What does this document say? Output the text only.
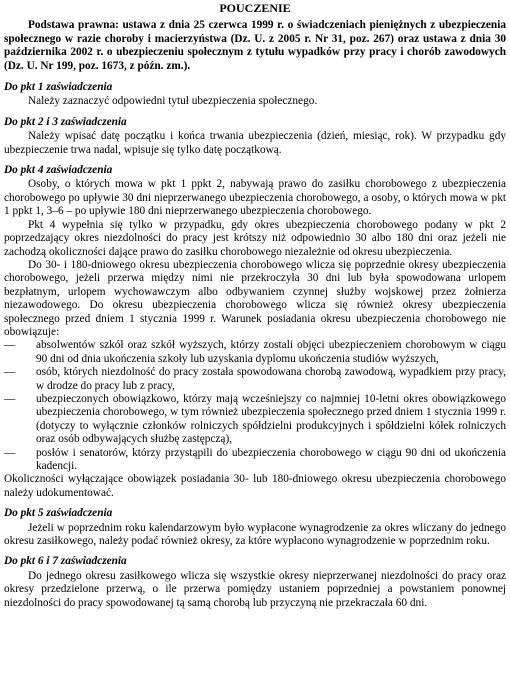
POUCZENIE

Podstawa prawna: ustawa z dnia 25 czerwca 1999 r. o świadczeniach pieniężnych z ubezpieczenia społecznego w razie choroby i macierzyństwa (Dz. U. z 2005 r. Nr 31, poz. 267) oraz ustawa z dnia 30 października 2002 r. o ubezpieczeniu społecznym z tytułu wypadków przy pracy i chorób zawodowych (Dz. U. Nr 199, poz. 1673, z późn. zm.).

Do pkt 1 zaświadczenia

Należy zaznaczyć odpowiedni tytuł ubezpieczenia społecznego.

Do pkt 2 i 3 zaświadczenia

Należy wpisać datę początku i końca trwania ubezpieczenia (dzień, miesiąc, rok). W przypadku gdy ubezpieczenie trwa nadal, wpisuje się tylko datę początkową.

Do pkt 4 zaświadczenia

Osoby, o których mowa w pkt 1 ppkt 2, nabywają prawo do zasiłku chorobowego z ubezpieczenia chorobowego po upływie 30 dni nieprzerwanego ubezpieczenia chorobowego, a osoby, o których mowa w pkt 1 ppkt 1, 3–6 – po upływie 180 dni nieprzerwanego ubezpieczenia chorobowego.

Pkt 4 wypełnia się tylko w przypadku, gdy okres ubezpieczenia chorobowego podany w pkt 2 poprzedzający okres niezdolności do pracy jest krótszy niż odpowiednio 30 albo 180 dni oraz jeżeli nie zachodzą okoliczności dające prawo do zasiłku chorobowego niezależnie od okresu ubezpieczenia.

Do 30- i 180-dniowego okresu ubezpieczenia chorobowego wlicza się poprzednie okresy ubezpieczenia chorobowego, jeżeli przerwa między nimi nie przekroczyła 30 dni lub była spowodowana urlopem bezpłatnym, urlopem wychowawczym albo odbywaniem czynnej służby wojskowej przez żołnierza niezawodowego. Do okresu ubezpieczenia chorobowego wlicza się również okresy ubezpieczenia społecznego przed dniem 1 stycznia 1999 r. Warunek posiadania okresu ubezpieczenia chorobowego nie obowiązuje:

— absolwentów szkół oraz szkół wyższych, którzy zostali objęci ubezpieczeniem chorobowym w ciągu 90 dni od dnia ukończenia szkoły lub uzyskania dyplomu ukończenia studiów wyższych,
— osób, których niezdolność do pracy została spowodowana chorobą zawodową, wypadkiem przy pracy, w drodze do pracy lub z pracy,
— ubezpieczonych obowiązkowo, którzy mają wcześniejszy co najmniej 10-letni okres obowiązkowego ubezpieczenia chorobowego, w tym również ubezpieczenia społecznego przed dniem 1 stycznia 1999 r. (dotyczy to wyłącznie członków rolniczych spółdzielni produkcyjnych i spółdzielni kółek rolniczych oraz osób odbywających służbę zastępczą),
— posłów i senatorów, którzy przystąpili do ubezpieczenia chorobowego w ciągu 90 dni od ukończenia kadencji.

Okoliczności wyłączające obowiązek posiadania 30- lub 180-dniowego okresu ubezpieczenia chorobowego należy udokumentować.

Do pkt 5 zaświadczenia

Jeżeli w poprzednim roku kalendarzowym było wypłacone wynagrodzenie za okres wliczany do jednego okresu zasiłkowego, należy podać również okresy, za które wypłacono wynagrodzenie w poprzednim roku.

Do pkt 6 i 7 zaświadczenia

Do jednego okresu zasiłkowego wlicza się wszystkie okresy nieprzerwanej niezdolności do pracy oraz okresy przedzielone przerwą, o ile przerwa pomiędzy ustaniem poprzedniej a powstaniem ponownej niezdolności do pracy spowodowanej tą samą chorobą lub przyczyną nie przekraczała 60 dni.
